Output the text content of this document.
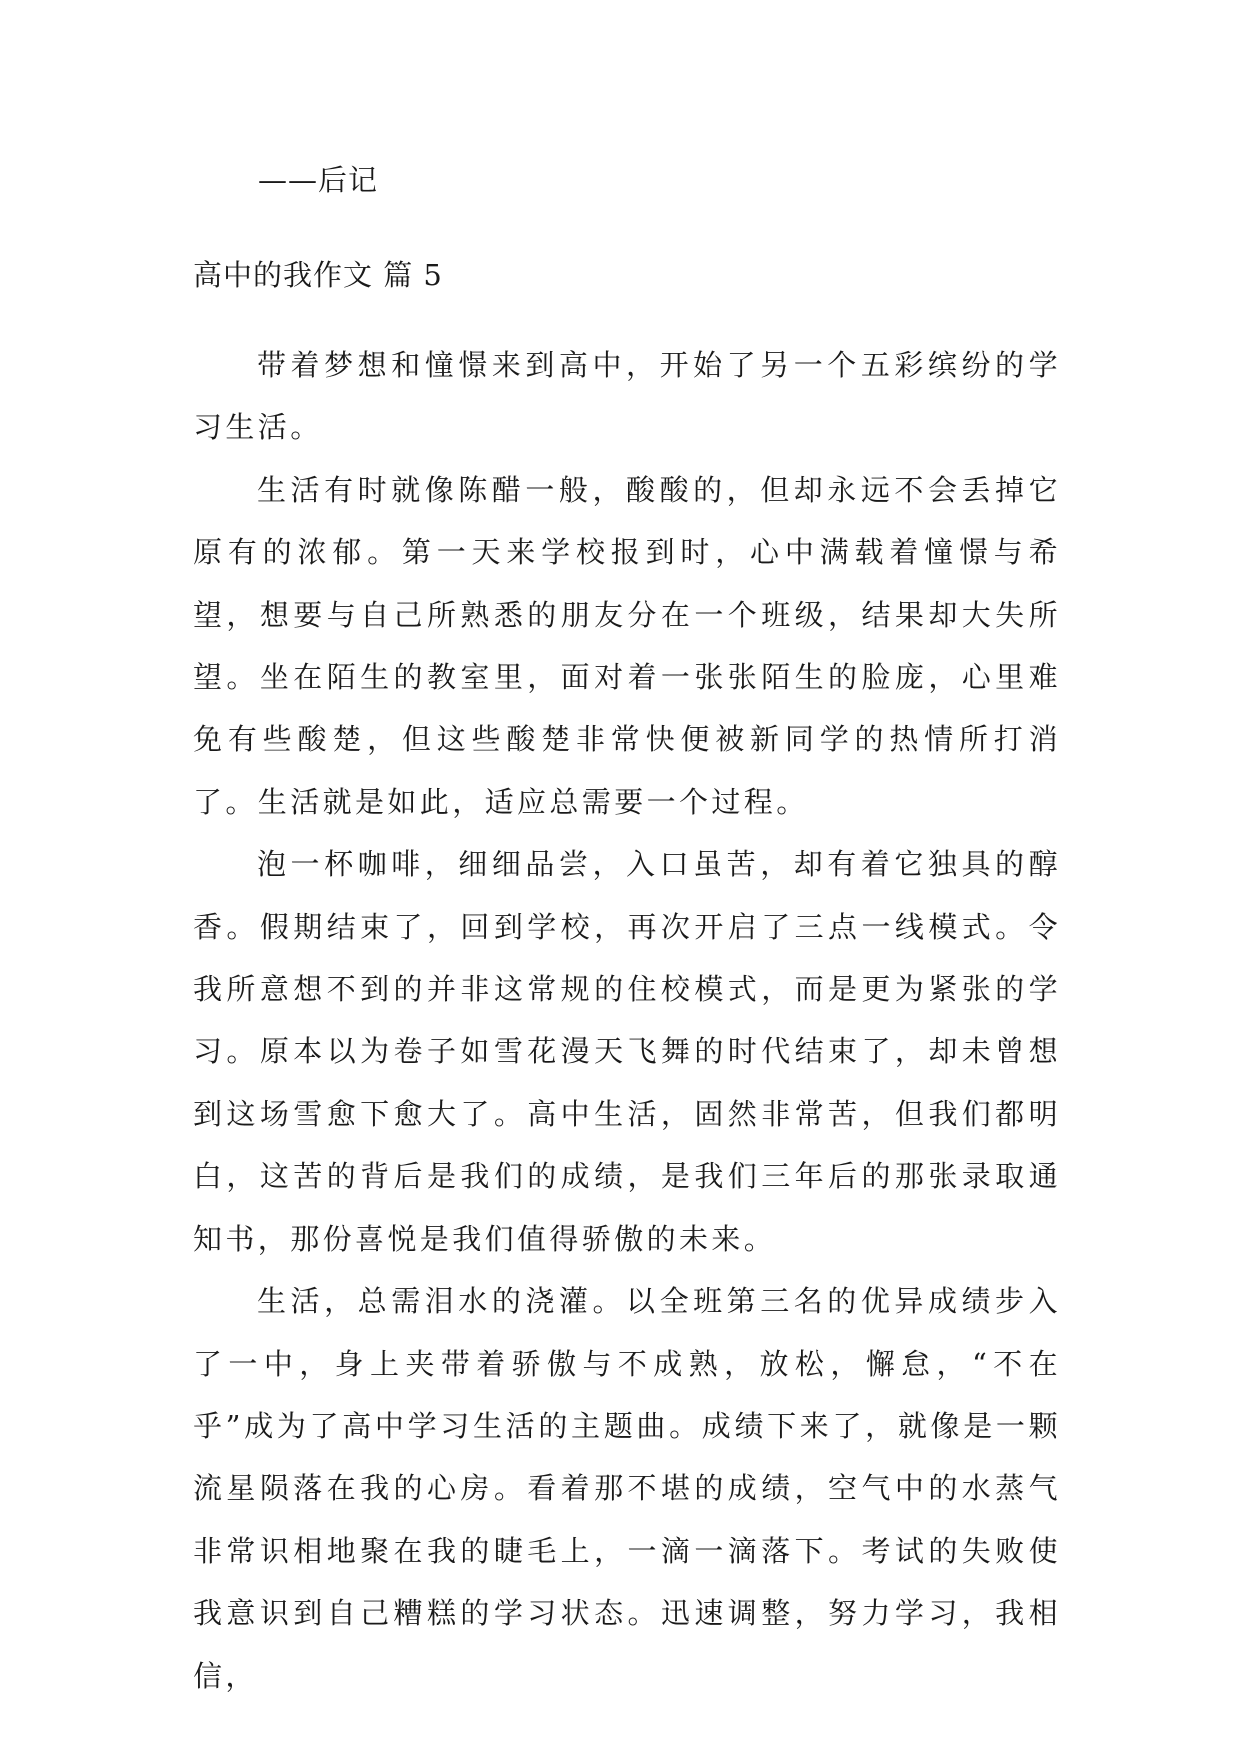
——后记
高中的我作文 篇 5

带着梦想和憧憬来到高中，开始了另一个五彩缤纷的学习生活。

生活有时就像陈醋一般，酸酸的，但却永远不会丢掉它原有的浓郁。第一天来学校报到时，心中满载着憧憬与希望，想要与自己所熟悉的朋友分在一个班级，结果却大失所望。坐在陌生的教室里，面对着一张张陌生的脸庞，心里难免有些酸楚，但这些酸楚非常快便被新同学的热情所打消了。生活就是如此，适应总需要一个过程。

泡一杯咖啡，细细品尝，入口虽苦，却有着它独具的醇香。假期结束了，回到学校，再次开启了三点一线模式。令我所意想不到的并非这常规的住校模式，而是更为紧张的学习。原本以为卷子如雪花漫天飞舞的时代结束了，却未曾想到这场雪愈下愈大了。高中生活，固然非常苦，但我们都明白，这苦的背后是我们的成绩，是我们三年后的那张录取通知书，那份喜悦是我们值得骄傲的未来。

生活，总需泪水的浇灌。以全班第三名的优异成绩步入了一中，身上夹带着骄傲与不成熟，放松，懈怠，“不在乎”成为了高中学习生活的主题曲。成绩下来了，就像是一颗流星陨落在我的心房。看着那不堪的成绩，空气中的水蒸气非常识相地聚在我的睫毛上，一滴一滴落下。考试的失败使我意识到自己糟糕的学习状态。迅速调整，努力学习，我相信，
